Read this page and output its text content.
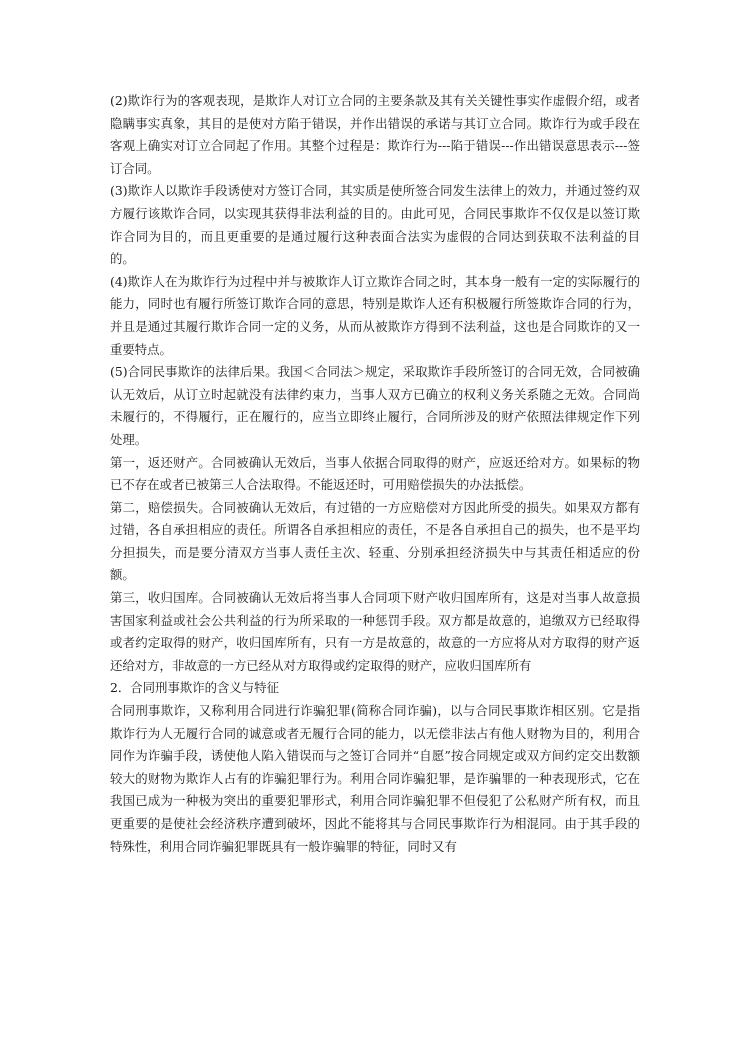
(2)欺诈行为的客观表现，是欺诈人对订立合同的主要条款及其有关关键性事实作虚假介绍，或者隐瞒事实真象，其目的是使对方陷于错误，并作出错误的承诺与其订立合同。欺诈行为或手段在客观上确实对订立合同起了作用。其整个过程是：欺诈行为---陷于错误---作出错误意思表示---签订合同。

(3)欺诈人以欺诈手段诱使对方签订合同，其实质是使所签合同发生法律上的效力，并通过签约双方履行该欺诈合同，以实现其获得非法利益的目的。由此可见，合同民事欺诈不仅仅是以签订欺诈合同为目的，而且更重要的是通过履行这种表面合法实为虚假的合同达到获取不法利益的目的。

(4)欺诈人在为欺诈行为过程中并与被欺诈人订立欺诈合同之时，其本身一般有一定的实际履行的能力，同时也有履行所签订欺诈合同的意思，特别是欺诈人还有积极履行所签欺诈合同的行为，并且是通过其履行欺诈合同一定的义务，从而从被欺诈方得到不法利益，这也是合同欺诈的又一重要特点。

(5)合同民事欺诈的法律后果。我国＜合同法＞规定，采取欺诈手段所签订的合同无效，合同被确认无效后，从订立时起就没有法律约束力，当事人双方已确立的权利义务关系随之无效。合同尚未履行的，不得履行，正在履行的，应当立即终止履行，合同所涉及的财产依照法律规定作下列处理。

第一，返还财产。合同被确认无效后，当事人依据合同取得的财产，应返还给对方。如果标的物已不存在或者已被第三人合法取得。不能返还时，可用赔偿损失的办法抵偿。

第二，赔偿损失。合同被确认无效后，有过错的一方应赔偿对方因此所受的损失。如果双方都有过错，各自承担相应的责任。所谓各自承担相应的责任，不是各自承担自己的损失，也不是平均分担损失，而是要分清双方当事人责任主次、轻重、分别承担经济损失中与其责任相适应的份额。

第三，收归国库。合同被确认无效后将当事人合同项下财产收归国库所有，这是对当事人故意损害国家利益或社会公共利益的行为所采取的一种惩罚手段。双方都是故意的，追缴双方已经取得或者约定取得的财产，收归国库所有，只有一方是故意的，故意的一方应将从对方取得的财产返还给对方，非故意的一方已经从对方取得或约定取得的财产，应收归国库所有

2．合同刑事欺诈的含义与特征

合同刑事欺诈，又称利用合同进行诈骗犯罪(简称合同诈骗)，以与合同民事欺诈相区别。它是指欺诈行为人无履行合同的诚意或者无履行合同的能力，以无偿非法占有他人财物为目的，利用合同作为诈骗手段，诱使他人陷入错误而与之签订合同并“自愿”按合同规定或双方间约定交出数额较大的财物为欺诈人占有的诈骗犯罪行为。利用合同诈骗犯罪，是诈骗罪的一种表现形式，它在我国已成为一种极为突出的重要犯罪形式，利用合同诈骗犯罪不但侵犯了公私财产所有权，而且更重要的是使社会经济秩序遭到破坏，因此不能将其与合同民事欺诈行为相混同。由于其手段的特殊性，利用合同诈骗犯罪既具有一般诈骗罪的特征，同时又有
